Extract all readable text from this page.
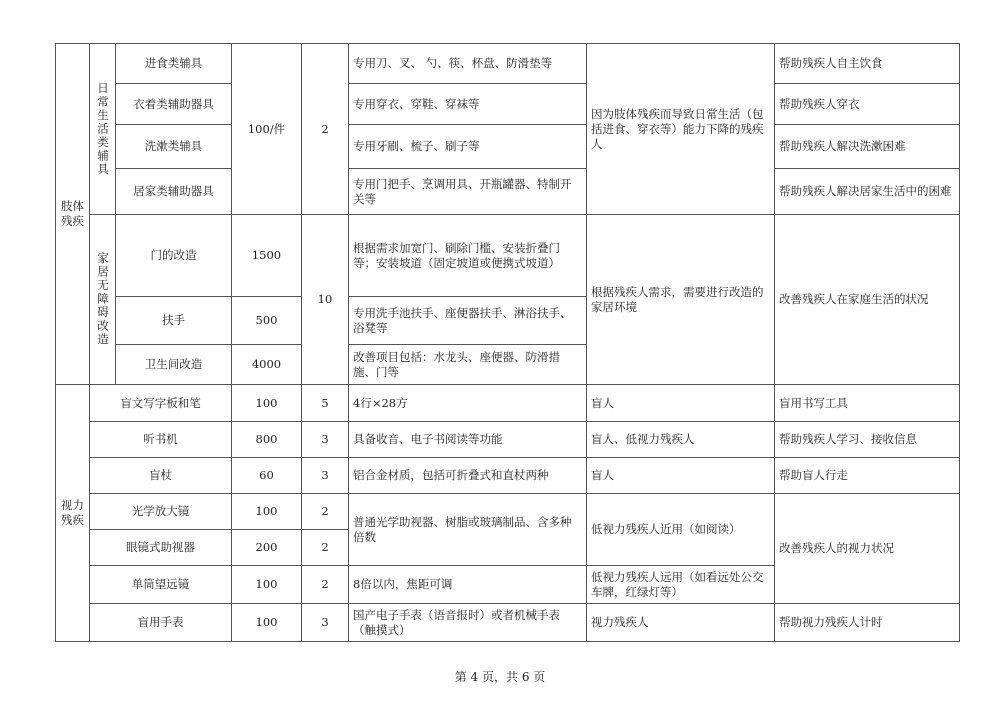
肢体残疾	日常生活类辅具	进食类辅具	100/件	2	专用刀、叉、 勺、筷、杯盘、防滑垫等	因为肢体残疾而导致日常生活（包括进食、穿衣等）能力下降的残疾人	帮助残疾人自主饮食
		衣着类辅助器具			专用穿衣、穿鞋、穿袜等		帮助残疾人穿衣
		洗漱类辅具			专用牙刷、梳子、刷子等		帮助残疾人解决洗漱困难
		居家类辅助器具			专用门把手、烹调用具、开瓶罐器、特制开关等		帮助残疾人解决居家生活中的困难
	家居无障碍改造	门的改造	1500	10	根据需求加宽门、刷除门槛、安装折叠门等；安装坡道（固定坡道或便携式坡道）	根据残疾人需求，需要进行改造的家居环境	改善残疾人在家庭生活的状况
		扶手	500		专用洗手池扶手、座便器扶手、淋浴扶手、浴凳等		

		卫生间改造	4000		改善项目包括：水龙头、座便器、防滑措施、门等		
视力残疾	盲文写字板和笔		100	5	4行×28方	盲人	盲用书写工具
	听书机		800	3	具备收音、电子书阅读等功能	盲人、低视力残疾人	帮助残疾人学习、接收信息
	盲杖		60	3	铝合金材质，包括可折叠式和直杖两种	盲人	帮助盲人行走
	光学放大镜		100	2	普通光学助视器、树脂或玻璃制品、含多种倍数	低视力残疾人近用（如阅读）	改善残疾人的视力状况
	眼镜式助视器		200	2			
	单筒望远镜		100	2	8倍以内，焦距可调	低视力残疾人远用（如看远处公交车牌，红绿灯等）	
	盲用手表		100	3	国产电子手表（语音报时）或者机械手表（触摸式）	视力残疾人	帮助视力残疾人计时
第 4 页，共 6 页
